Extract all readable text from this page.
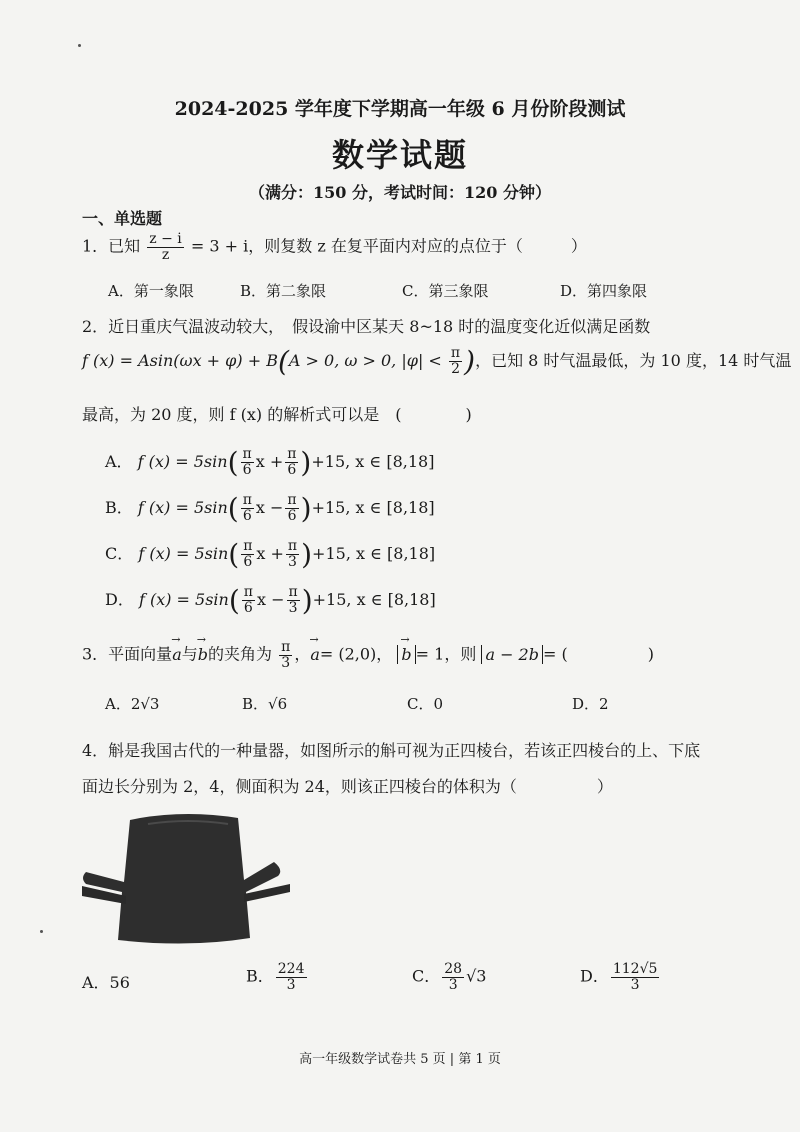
2024-2025 学年度下学期高一年级 6 月份阶段测试
数学试题
（满分：150 分，考试时间：120 分钟）
一、单选题
1．已知 $\frac{z - i}{z} = 3 + i$，则复数 z 在复平面内对应的点位于（　　　）
A．第一象限	B．第二象限	C．第三象限	D．第四象限
2．近日重庆气温波动较大，　假设渝中区某天 8~18 时的温度变化近似满足函数
f (x) = Asin(ωx + φ) + B(A > 0, ω > 0, $|\varphi| < \frac{\pi}{2}$ )，已知 8 时气温最低，为 10 度，14 时气温
最高，为 20 度，则 f (x) 的解析式可以是　(　　　　)
A． f $(x) = 5\sin( \frac{\pi}{6}$ $x + \frac{\pi}{6} )+15$, x ∈ [8,18]
B． f $(x) = 5\sin( \frac{\pi}{6}$ $x - \frac{\pi}{6} )+15$, x ∈ [8,18]
C． f $(x) = 5\sin( \frac{\pi}{6}$ $x + \frac{\pi}{3} )+15$, x ∈ [8,18]
D． f $(x) = 5\sin( \frac{\pi}{6}$ $x - \frac{\pi}{3} )+15$, x ∈ [8,18]
3．平面向量→ a与→ b的夹角为 $\frac{\pi}{3}$ ，→ a= (2,0)， → b = 1，则 a − 2b = (　　　　　)
A．2√3	B．√6	C．0	D．2
4．斛是我国古代的一种量器，如图所示的斛可视为正四棱台，若该正四棱台的上、下底
面边长分别为 2，4，侧面积为 24，则该正四棱台的体积为（　　　　　）
A．56	B． $\frac{224}{3}$	C． $\frac{28}{3} √3$	D． $\frac{112√5}{3}$
高一年级数学试卷共 5 页 | 第 1 页
